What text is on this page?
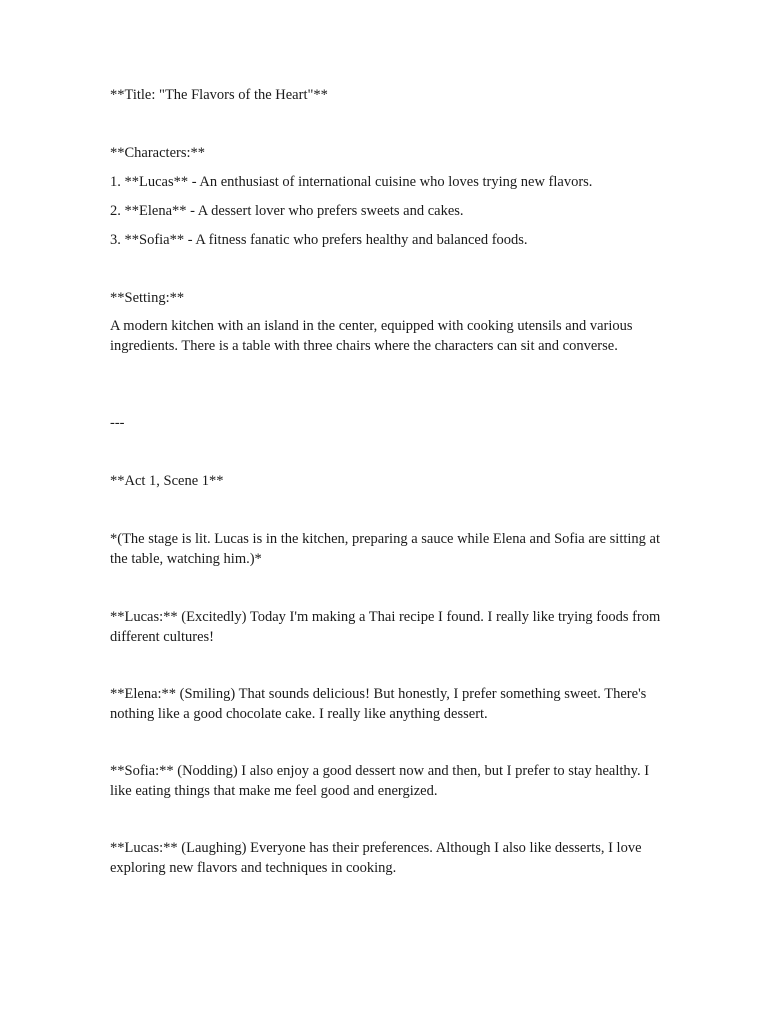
**Title: "The Flavors of the Heart"**

**Characters:**

1. **Lucas** - An enthusiast of international cuisine who loves trying new flavors.

2. **Elena** - A dessert lover who prefers sweets and cakes.

3. **Sofia** - A fitness fanatic who prefers healthy and balanced foods.

**Setting:**

A modern kitchen with an island in the center, equipped with cooking utensils and various ingredients. There is a table with three chairs where the characters can sit and converse.

---

**Act 1, Scene 1**

*(The stage is lit. Lucas is in the kitchen, preparing a sauce while Elena and Sofia are sitting at the table, watching him.)*

**Lucas:** (Excitedly) Today I'm making a Thai recipe I found. I really like trying foods from different cultures!

**Elena:** (Smiling) That sounds delicious! But honestly, I prefer something sweet. There's nothing like a good chocolate cake. I really like anything dessert.

**Sofia:** (Nodding) I also enjoy a good dessert now and then, but I prefer to stay healthy. I like eating things that make me feel good and energized.

**Lucas:** (Laughing) Everyone has their preferences. Although I also like desserts, I love exploring new flavors and techniques in cooking.
